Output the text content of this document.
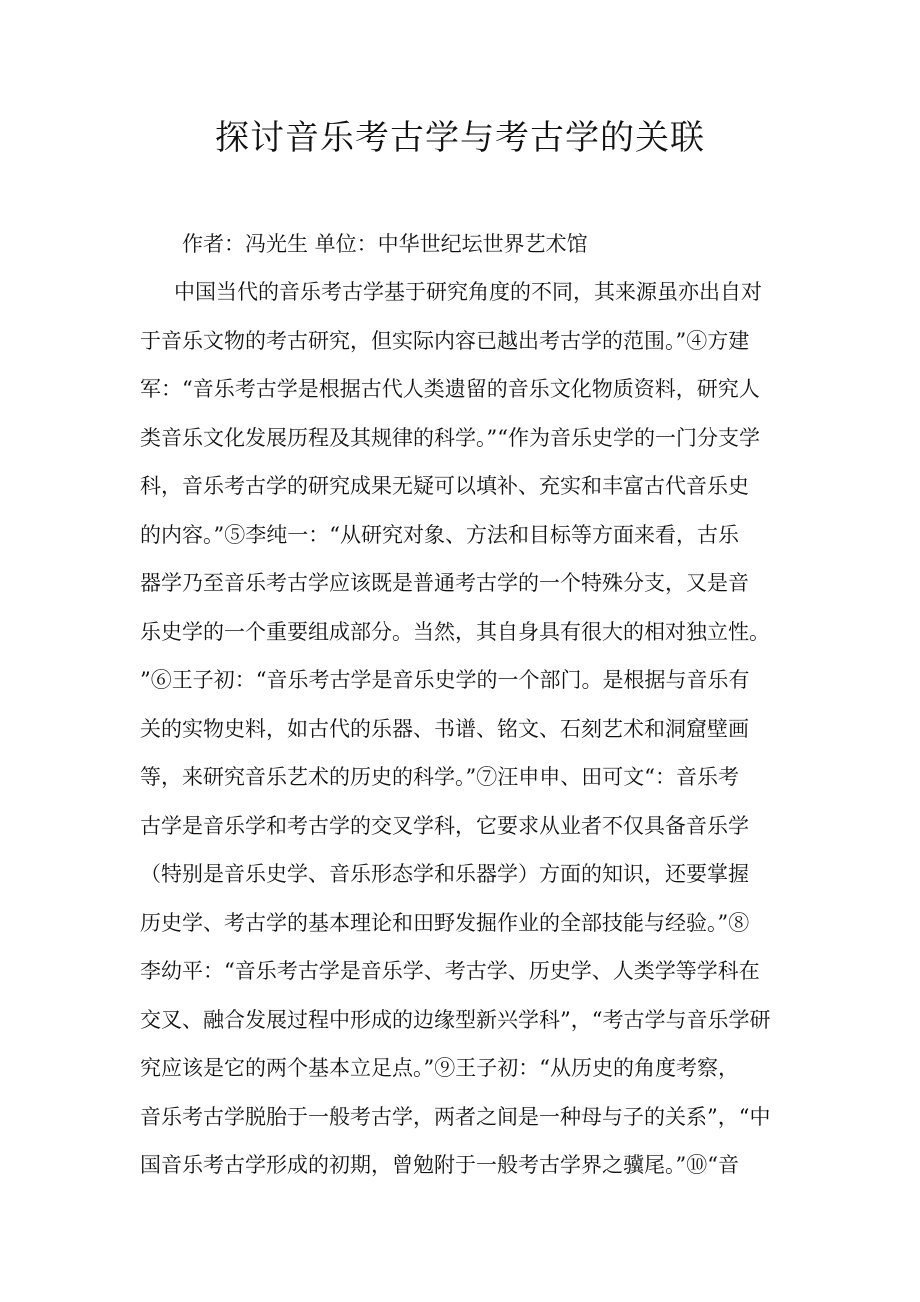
探讨音乐考古学与考古学的关联
作者：冯光生 单位：中华世纪坛世界艺术馆
中国当代的音乐考古学基于研究角度的不同，其来源虽亦出自对
于音乐文物的考古研究，但实际内容已越出考古学的范围。”④方建
军：“音乐考古学是根据古代人类遗留的音乐文化物质资料，研究人
类音乐文化发展历程及其规律的科学。”“作为音乐史学的一门分支学
科，音乐考古学的研究成果无疑可以填补、充实和丰富古代音乐史
的内容。”⑤李纯一：“从研究对象、方法和目标等方面来看，古乐
器学乃至音乐考古学应该既是普通考古学的一个特殊分支，又是音
乐史学的一个重要组成部分。当然，其自身具有很大的相对独立性。
”⑥王子初：“音乐考古学是音乐史学的一个部门。是根据与音乐有
关的实物史料，如古代的乐器、书谱、铭文、石刻艺术和洞窟壁画
等，来研究音乐艺术的历史的科学。”⑦汪申申、田可文“：音乐考
古学是音乐学和考古学的交叉学科，它要求从业者不仅具备音乐学
（特别是音乐史学、音乐形态学和乐器学）方面的知识，还要掌握
历史学、考古学的基本理论和田野发掘作业的全部技能与经验。”⑧
李幼平：“音乐考古学是音乐学、考古学、历史学、人类学等学科在
交叉、融合发展过程中形成的边缘型新兴学科”，“考古学与音乐学研
究应该是它的两个基本立足点。”⑨王子初：“从历史的角度考察，
音乐考古学脱胎于一般考古学，两者之间是一种母与子的关系”，“中
国音乐考古学形成的初期，曾勉附于一般考古学界之骥尾。”⑩“音
